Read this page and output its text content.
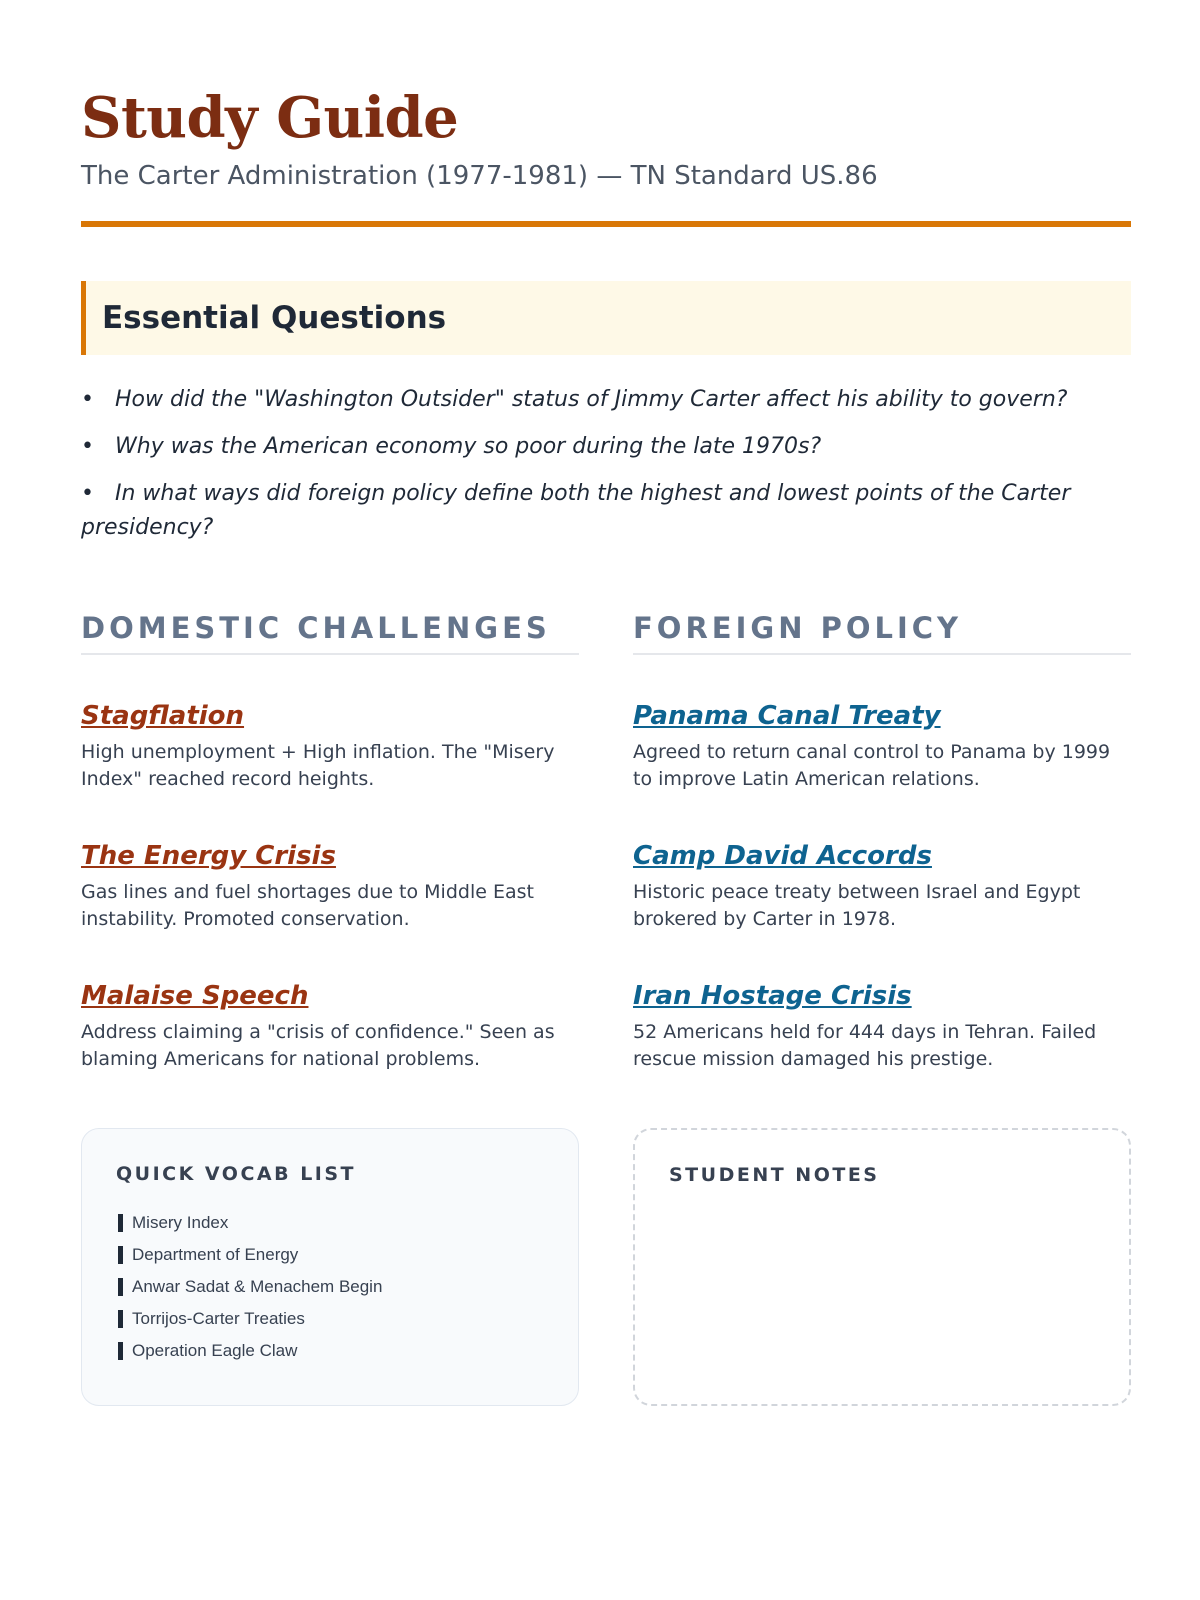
Study Guide
The Carter Administration (1977-1981) — TN Standard US.86
Essential Questions
• How did the "Washington Outsider" status of Jimmy Carter affect his ability to govern?
• Why was the American economy so poor during the late 1970s?
• In what ways did foreign policy define both the highest and lowest points of the Carter presidency?
DOMESTIC CHALLENGES
Stagflation
High unemployment + High inflation. The "Misery Index" reached record heights.
The Energy Crisis
Gas lines and fuel shortages due to Middle East instability. Promoted conservation.
Malaise Speech
Address claiming a "crisis of confidence." Seen as blaming Americans for national problems.
FOREIGN POLICY
Panama Canal Treaty
Agreed to return canal control to Panama by 1999 to improve Latin American relations.
Camp David Accords
Historic peace treaty between Israel and Egypt brokered by Carter in 1978.
Iran Hostage Crisis
52 Americans held for 444 days in Tehran. Failed rescue mission damaged his prestige.
QUICK VOCAB LIST
Misery Index
Department of Energy
Anwar Sadat & Menachem Begin
Torrijos-Carter Treaties
Operation Eagle Claw
STUDENT NOTES
